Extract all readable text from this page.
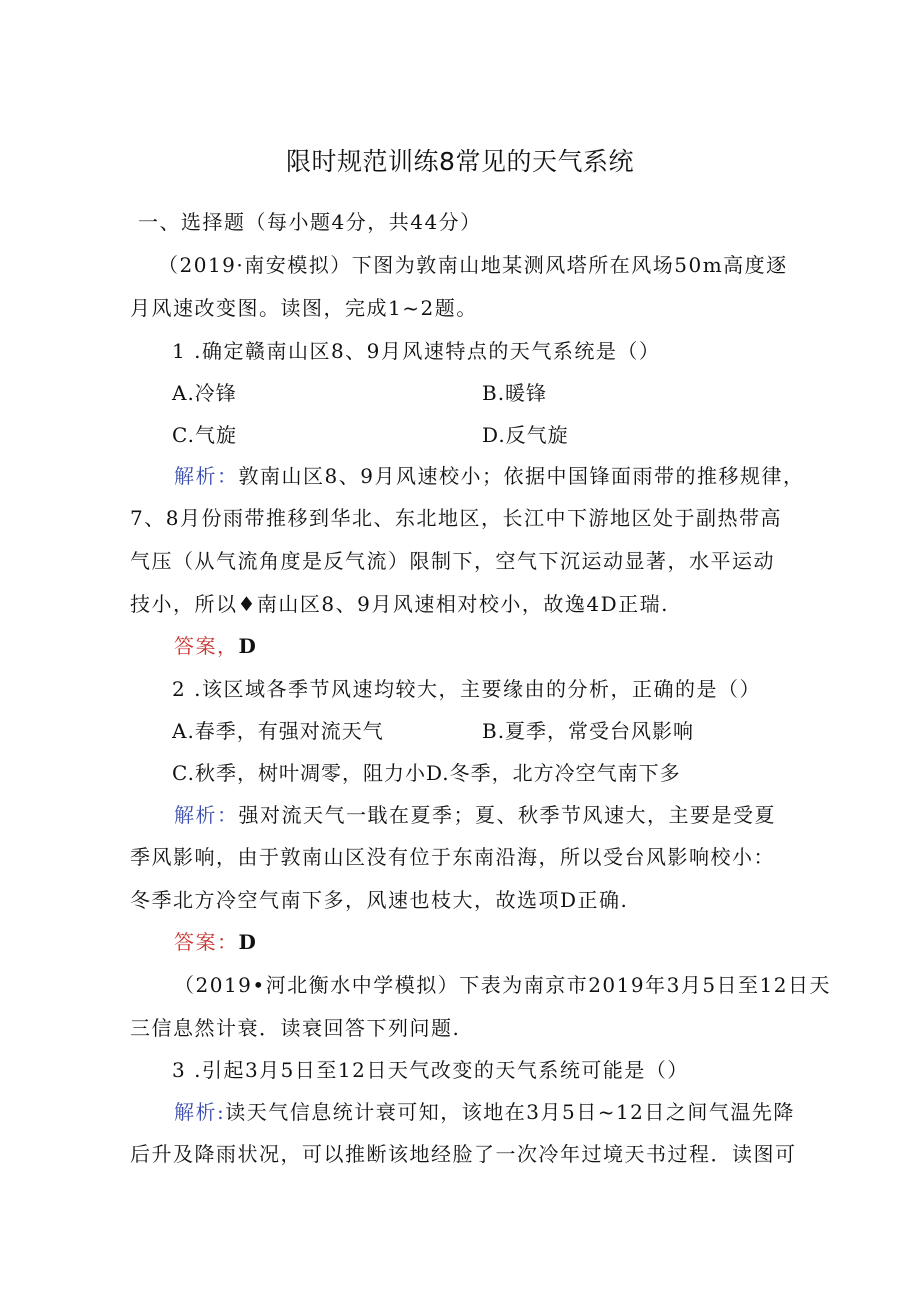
限时规范训练8常见的天气系统
一、选择题（每小题4分，共44分）
（2019·南安模拟）下图为敦南山地某测风塔所在风场50m高度逐
月风速改变图。读图，完成1~2题。
1 .确定赣南山区8、9月风速特点的天气系统是（）
A.冷锋	B.暖锋
C.气旋	D.反气旋
解析：敦南山区8、9月风速校小；依据中国锋面雨带的推移规律，
7、8月份雨带推移到华北、东北地区，长江中下游地区处于副热带高
气压（从气流角度是反气流）限制下，空气下沉运动显著，水平运动
技小，所以♦南山区8、9月风速相对校小，故逸4D正瑞.
答案，D
2 .该区域各季节风速均较大，主要缘由的分析，正确的是（）
A.春季，有强对流天气	B.夏季，常受台风影响
C.秋季，树叶凋零，阻力小D.冬季，北方冷空气南下多
解析：强对流天气一戢在夏季；夏、秋季节风速大，主要是受夏
季风影响，由于敦南山区没有位于东南沿海，所以受台风影响校小：
冬季北方冷空气南下多，风速也枝大，故选项D正确.
答案：D
（2019•河北衡水中学模拟）下表为南京市2019年3月5日至12日天
三信息然计衰．读衰回答下列问题.
3 .引起3月5日至12日天气改变的天气系统可能是（）
解析:读天气信息统计衰可知，该地在3月5日~12日之间气温先降
后升及降雨状况，可以推断该地经脸了一次冷年过境天书过程．读图可
